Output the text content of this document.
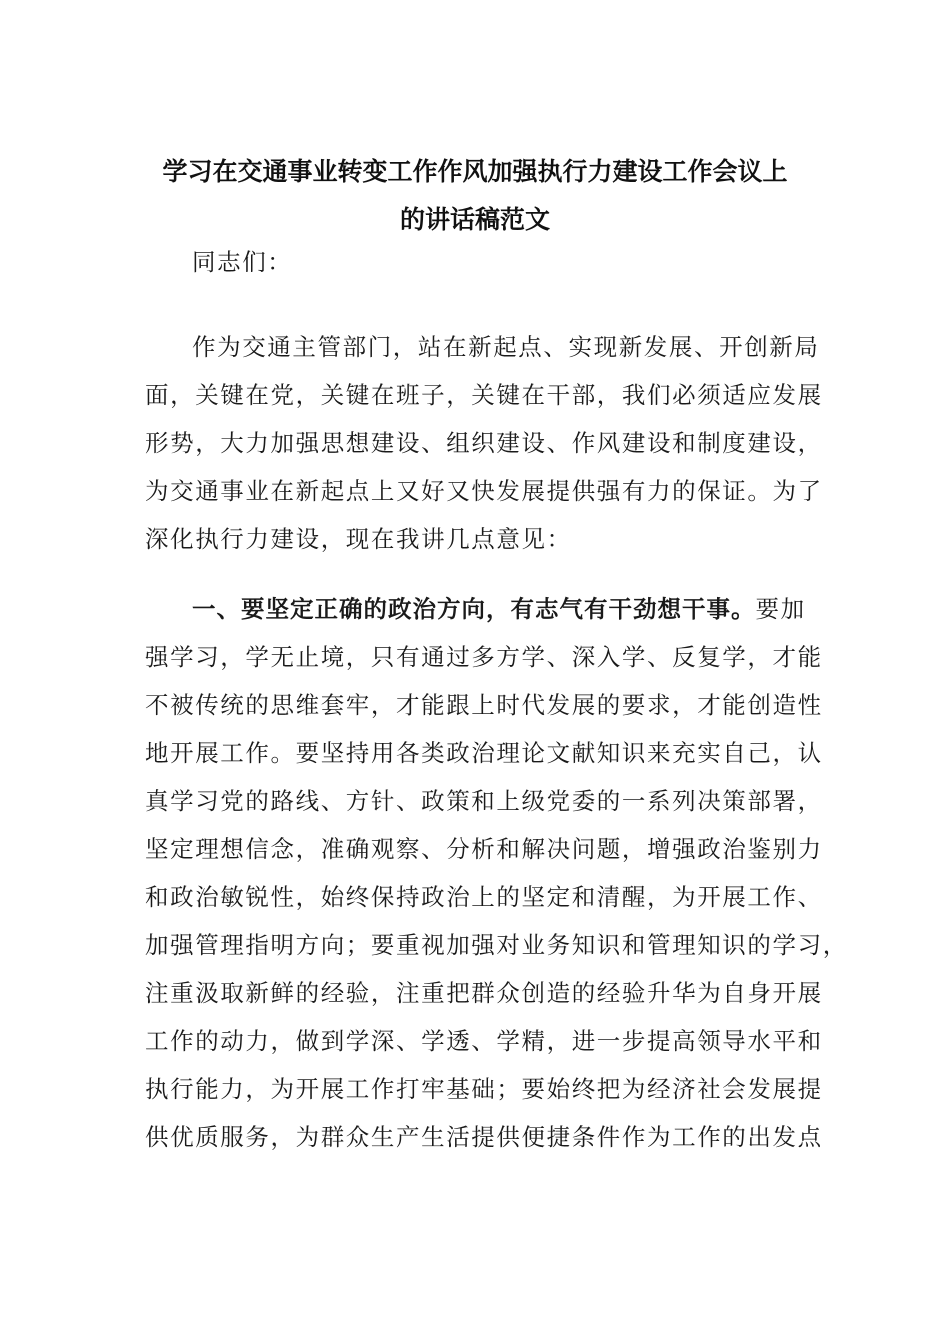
学习在交通事业转变工作作风加强执行力建设工作会议上
的讲话稿范文
同志们：
作为交通主管部门，站在新起点、实现新发展、开创新局
面，关键在党，关键在班子，关键在干部，我们必须适应发展
形势，大力加强思想建设、组织建设、作风建设和制度建设，
为交通事业在新起点上又好又快发展提供强有力的保证。为了
深化执行力建设，现在我讲几点意见：
一、要坚定正确的政治方向，有志气有干劲想干事。要加
强学习，学无止境，只有通过多方学、深入学、反复学，才能
不被传统的思维套牢，才能跟上时代发展的要求，才能创造性
地开展工作。要坚持用各类政治理论文献知识来充实自己，认
真学习党的路线、方针、政策和上级党委的一系列决策部署，
坚定理想信念，准确观察、分析和解决问题，增强政治鉴别力
和政治敏锐性，始终保持政治上的坚定和清醒，为开展工作、
加强管理指明方向；要重视加强对业务知识和管理知识的学习，
注重汲取新鲜的经验，注重把群众创造的经验升华为自身开展
工作的动力，做到学深、学透、学精，进一步提高领导水平和
执行能力，为开展工作打牢基础；要始终把为经济社会发展提
供优质服务，为群众生产生活提供便捷条件作为工作的出发点
